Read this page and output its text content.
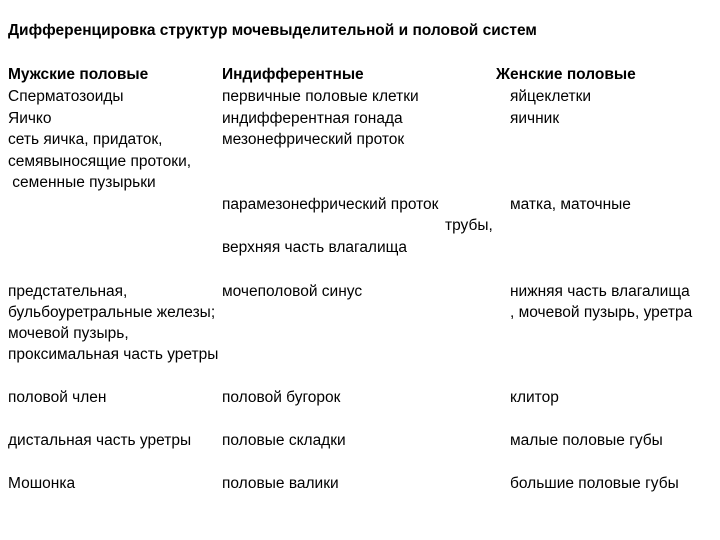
Дифференцировка структур мочевыделительной и половой систем
Мужские половые	Индифферентные	Женские половые
Сперматозоиды
Яичко
сеть яичка, придаток,
семявыносящие протоки,
семенные пузырьки
предстательная,
бульбоуретральные железы;
мочевой пузырь,
проксимальная часть уретры
половой член
дистальная часть уретры
Мошонка
первичные половые клетки
индифферентная гонада
мезонефрический проток
парамезонефрический проток
верхняя часть влагалища
мочеполовой синус
половой бугорок
половые складки
половые валики
яйцеклетки
яичник
матка, маточные
трубы,
нижняя часть влагалища
, мочевой пузырь, уретра
клитор
малые половые губы
большие половые губы
